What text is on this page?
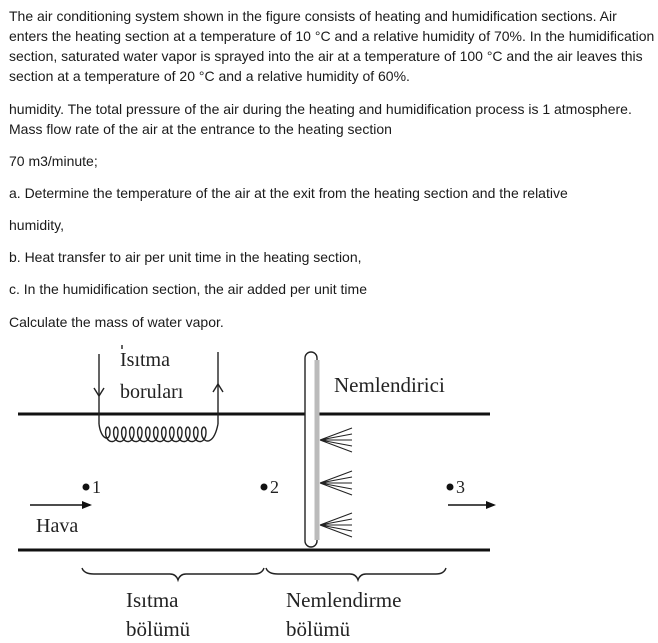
The air conditioning system shown in the figure consists of heating and humidification sections. Air enters the heating section at a temperature of 10 °C and a relative humidity of 70%. In the humidification section, saturated water vapor is sprayed into the air at a temperature of 100 °C and the air leaves this section at a temperature of 20 °C and a relative humidity of 60%.

humidity. The total pressure of the air during the heating and humidification process is 1 atmosphere. Mass flow rate of the air at the entrance to the heating section

70 m3/minute;

a. Determine the temperature of the air at the exit from the heating section and the relative

humidity,

b. Heat transfer to air per unit time in the heating section,

c. In the humidification section, the air added per unit time

Calculate the mass of water vapor.

Isıtma
boruları	Nemlendirici
1	2	3
Hava
Isıtma
bölümü
Nemlendirme
bölümü
